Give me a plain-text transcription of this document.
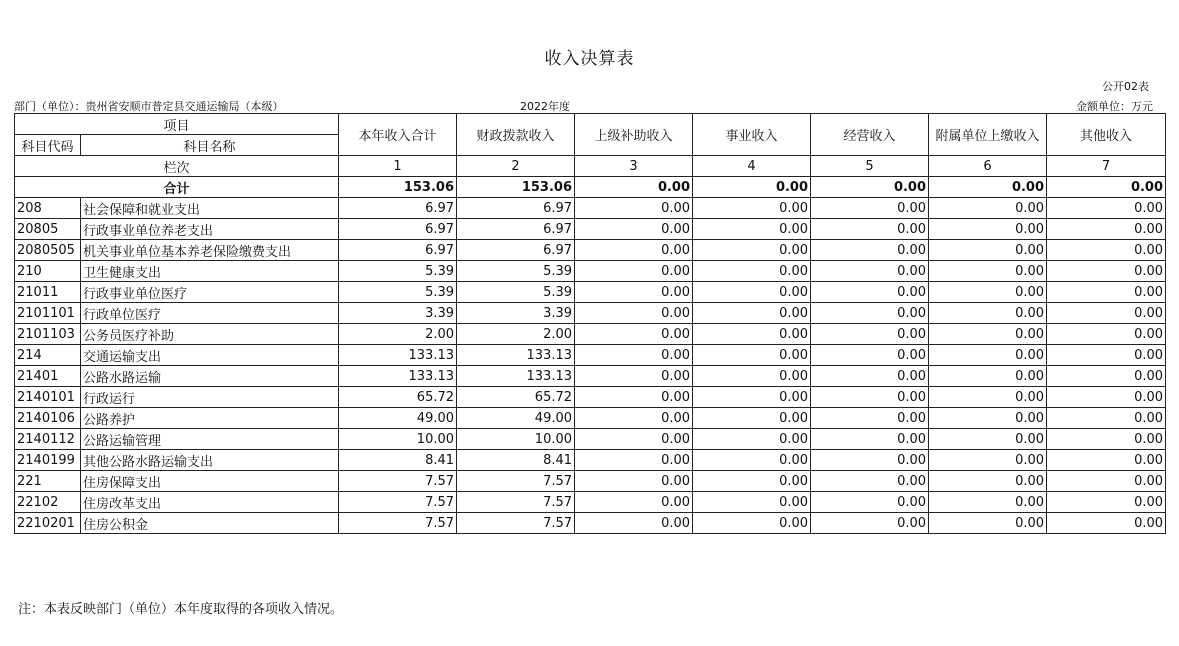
收入决算表
公开02表
部门（单位）：贵州省安顺市普定县交通运输局（本级）	2022年度	金额单位：万元
项目		本年收入合计	财政拨款收入	上级补助收入	事业收入	经营收入	附属单位上缴收入	其他收入
科目代码	科目名称							

栏次		1	2	3	4	5	6	7
合计		153.06	153.06	0.00	0.00	0.00	0.00	0.00
208	社会保障和就业支出	6.97	6.97	0.00	0.00	0.00	0.00	0.00
20805	行政事业单位养老支出	6.97	6.97	0.00	0.00	0.00	0.00	0.00
2080505	机关事业单位基本养老保险缴费支出	6.97	6.97	0.00	0.00	0.00	0.00	0.00
210	卫生健康支出	5.39	5.39	0.00	0.00	0.00	0.00	0.00
21011	行政事业单位医疗	5.39	5.39	0.00	0.00	0.00	0.00	0.00
2101101	行政单位医疗	3.39	3.39	0.00	0.00	0.00	0.00	0.00
2101103	公务员医疗补助	2.00	2.00	0.00	0.00	0.00	0.00	0.00
214	交通运输支出	133.13	133.13	0.00	0.00	0.00	0.00	0.00
21401	公路水路运输	133.13	133.13	0.00	0.00	0.00	0.00	0.00
2140101	行政运行	65.72	65.72	0.00	0.00	0.00	0.00	0.00
2140106	公路养护	49.00	49.00	0.00	0.00	0.00	0.00	0.00
2140112	公路运输管理	10.00	10.00	0.00	0.00	0.00	0.00	0.00
2140199	其他公路水路运输支出	8.41	8.41	0.00	0.00	0.00	0.00	0.00
221	住房保障支出	7.57	7.57	0.00	0.00	0.00	0.00	0.00
22102	住房改革支出	7.57	7.57	0.00	0.00	0.00	0.00	0.00
2210201	住房公积金	7.57	7.57	0.00	0.00	0.00	0.00	0.00
注：本表反映部门（单位）本年度取得的各项收入情况。
